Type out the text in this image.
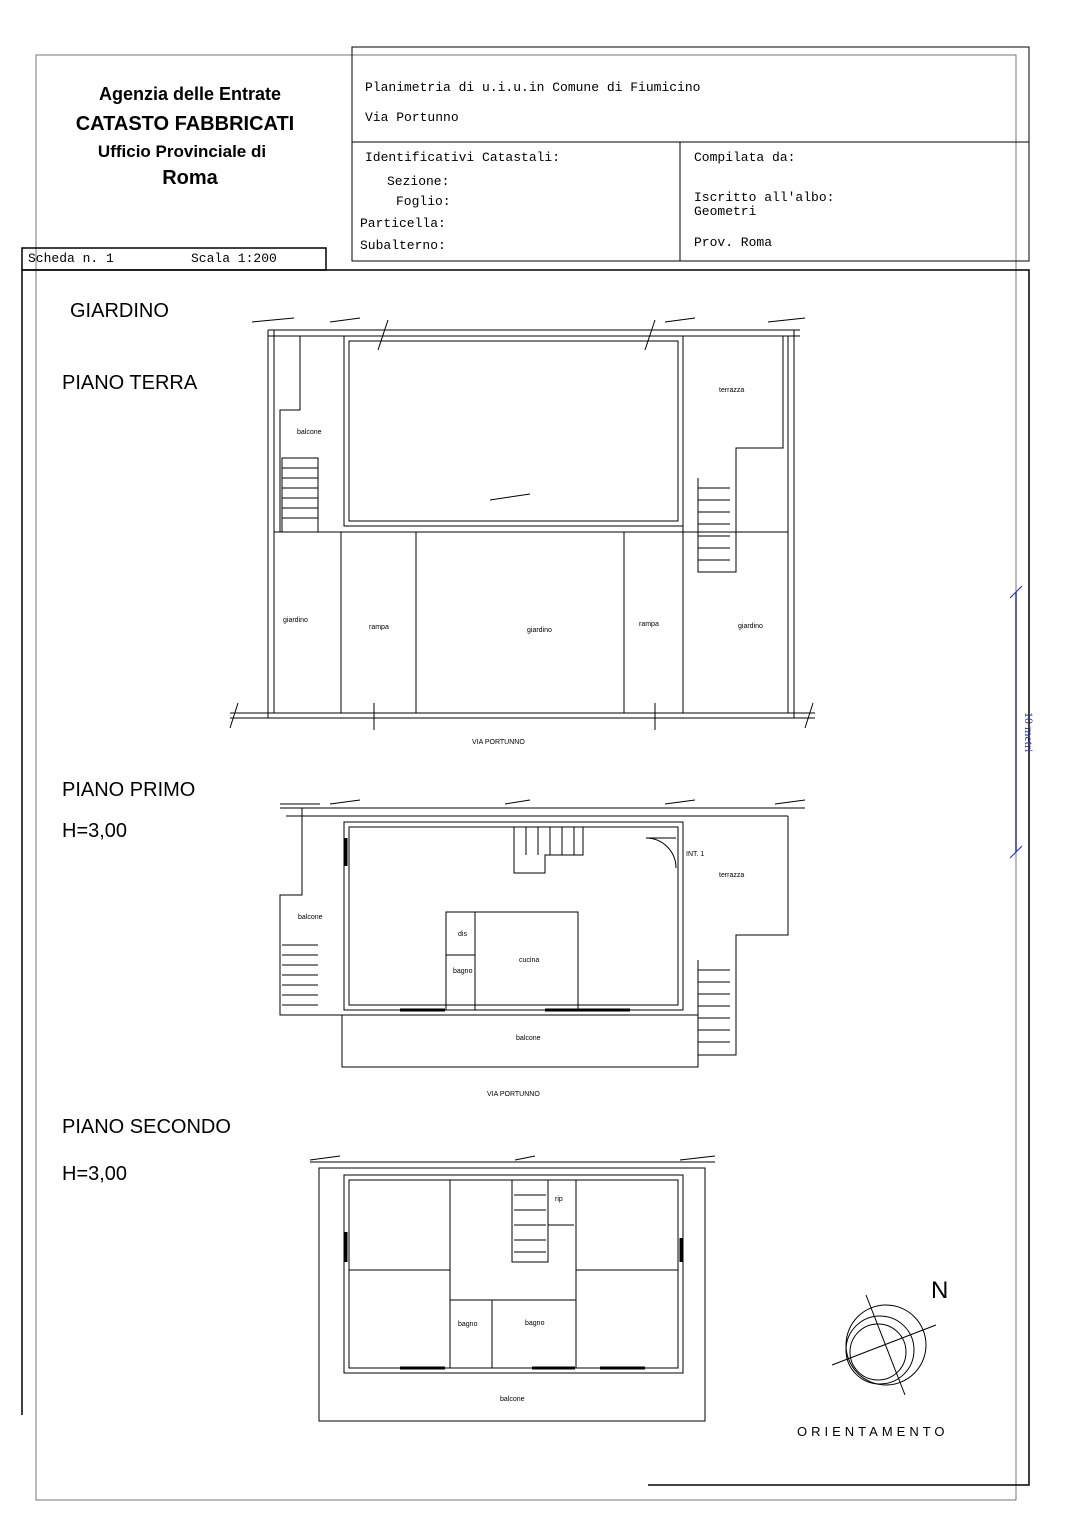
Agenzia delle Entrate
CATASTO FABBRICATI
Ufficio Provinciale di
Roma
Scheda n. 1	Scala 1:200
Planimetria di u.i.u.in Comune di Fiumicino
Via Portunno
Identificativi Catastali:
Sezione:
Foglio:
Particella:
Subalterno:
Compilata da:
Iscritto all'albo:
Geometri
Prov. Roma
GIARDINO
PIANO TERRA
PIANO PRIMO
H=3,00
PIANO SECONDO
H=3,00
balcone
terrazza
giardino
rampa	giardino
rampa	giardino
VIA PORTUNNO
balcone
INT. 1
terrazza
dis
bagno
cucina
balcone
VIA PORTUNNO
rip
bagno	bagno
balcone
10 metri
N
ORIENTAMENTO
